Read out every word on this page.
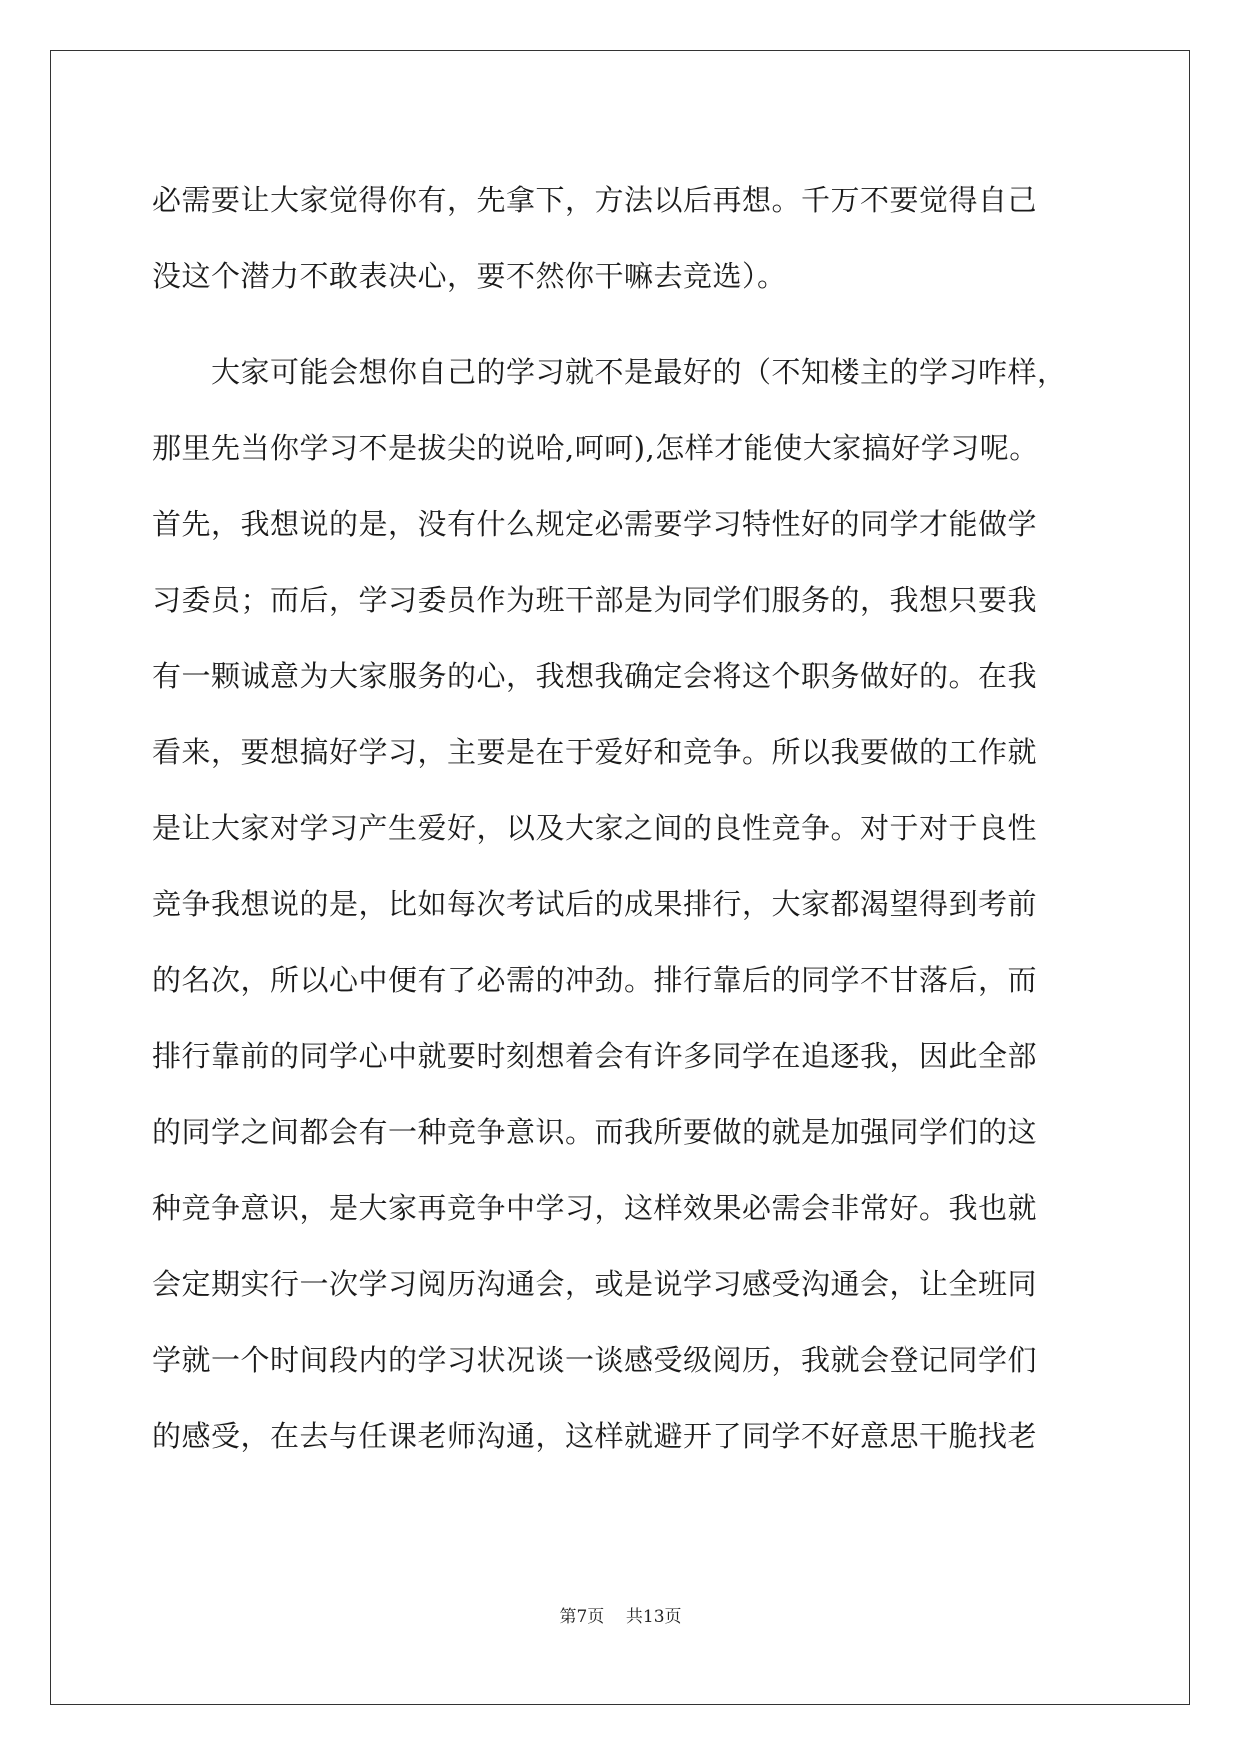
必需要让大家觉得你有，先拿下，方法以后再想。千万不要觉得自己
没这个潜力不敢表决心，要不然你干嘛去竞选）。
　　大家可能会想你自己的学习就不是最好的（不知楼主的学习咋样，
那里先当你学习不是拔尖的说哈,呵呵),怎样才能使大家搞好学习呢。
首先，我想说的是，没有什么规定必需要学习特性好的同学才能做学
习委员；而后，学习委员作为班干部是为同学们服务的，我想只要我
有一颗诚意为大家服务的心，我想我确定会将这个职务做好的。在我
看来，要想搞好学习，主要是在于爱好和竞争。所以我要做的工作就
是让大家对学习产生爱好，以及大家之间的良性竞争。对于对于良性
竞争我想说的是，比如每次考试后的成果排行，大家都渴望得到考前
的名次，所以心中便有了必需的冲劲。排行靠后的同学不甘落后，而
排行靠前的同学心中就要时刻想着会有许多同学在追逐我，因此全部
的同学之间都会有一种竞争意识。而我所要做的就是加强同学们的这
种竞争意识，是大家再竞争中学习，这样效果必需会非常好。我也就
会定期实行一次学习阅历沟通会，或是说学习感受沟通会，让全班同
学就一个时间段内的学习状况谈一谈感受级阅历，我就会登记同学们
的感受，在去与任课老师沟通，这样就避开了同学不好意思干脆找老
第7页 共13页
